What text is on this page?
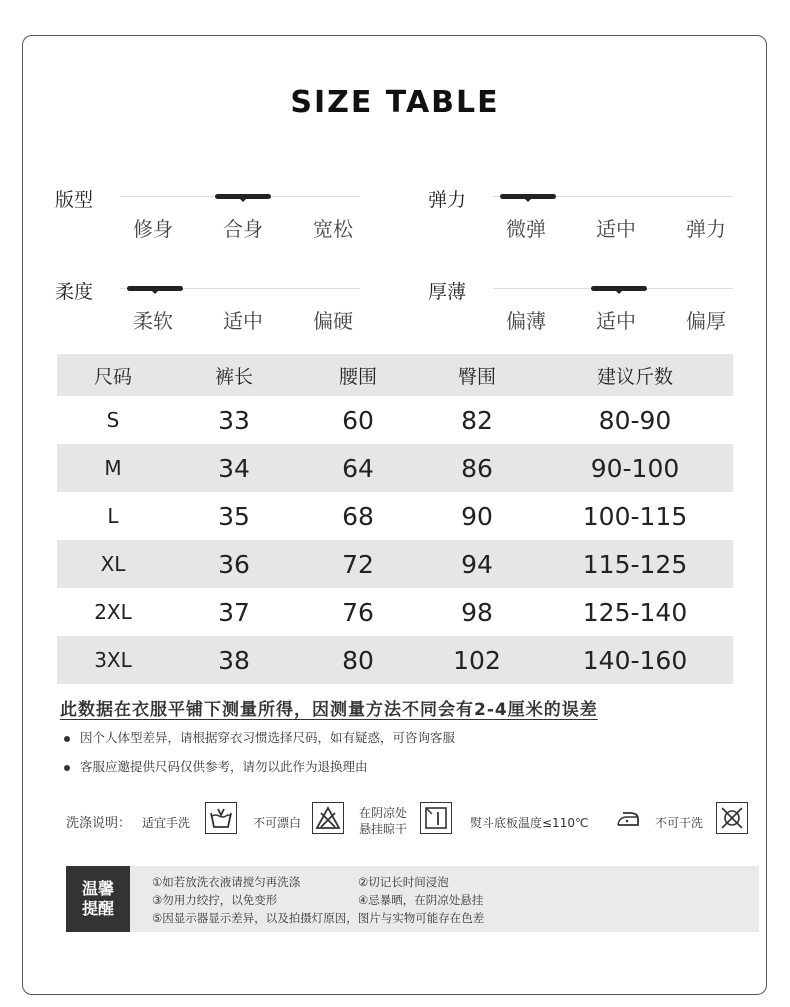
SIZE TABLE
版型
修身	合身	宽松
弹力
微弹	适中	弹力
柔度
柔软	适中	偏硬
厚薄
偏薄	适中	偏厚
尺码	裤长	腰围	臀围	建议斤数
S	33	60	82	80-90
M	34	64	86	90-100
L	35	68	90	100-115
XL	36	72	94	115-125
2XL	37	76	98	125-140
3XL	38	80	102	140-160
此数据在衣服平铺下测量所得，因测量方法不同会有2-4厘米的误差
因个人体型差异，请根据穿衣习惯选择尺码，如有疑惑，可咨询客服
客服应邀提供尺码仅供参考，请勿以此作为退换理由
洗涤说明： 适宜手洗	不可漂白
在阴凉处
悬挂晾干	熨斗底板温度≤110℃	不可干洗
温馨
提醒
①如若放洗衣液请搅匀再洗涤	②切记长时间浸泡
③勿用力绞拧，以免变形	④忌暴晒，在阴凉处悬挂
⑤因显示器显示差异，以及拍摄灯原因，图片与实物可能存在色差
